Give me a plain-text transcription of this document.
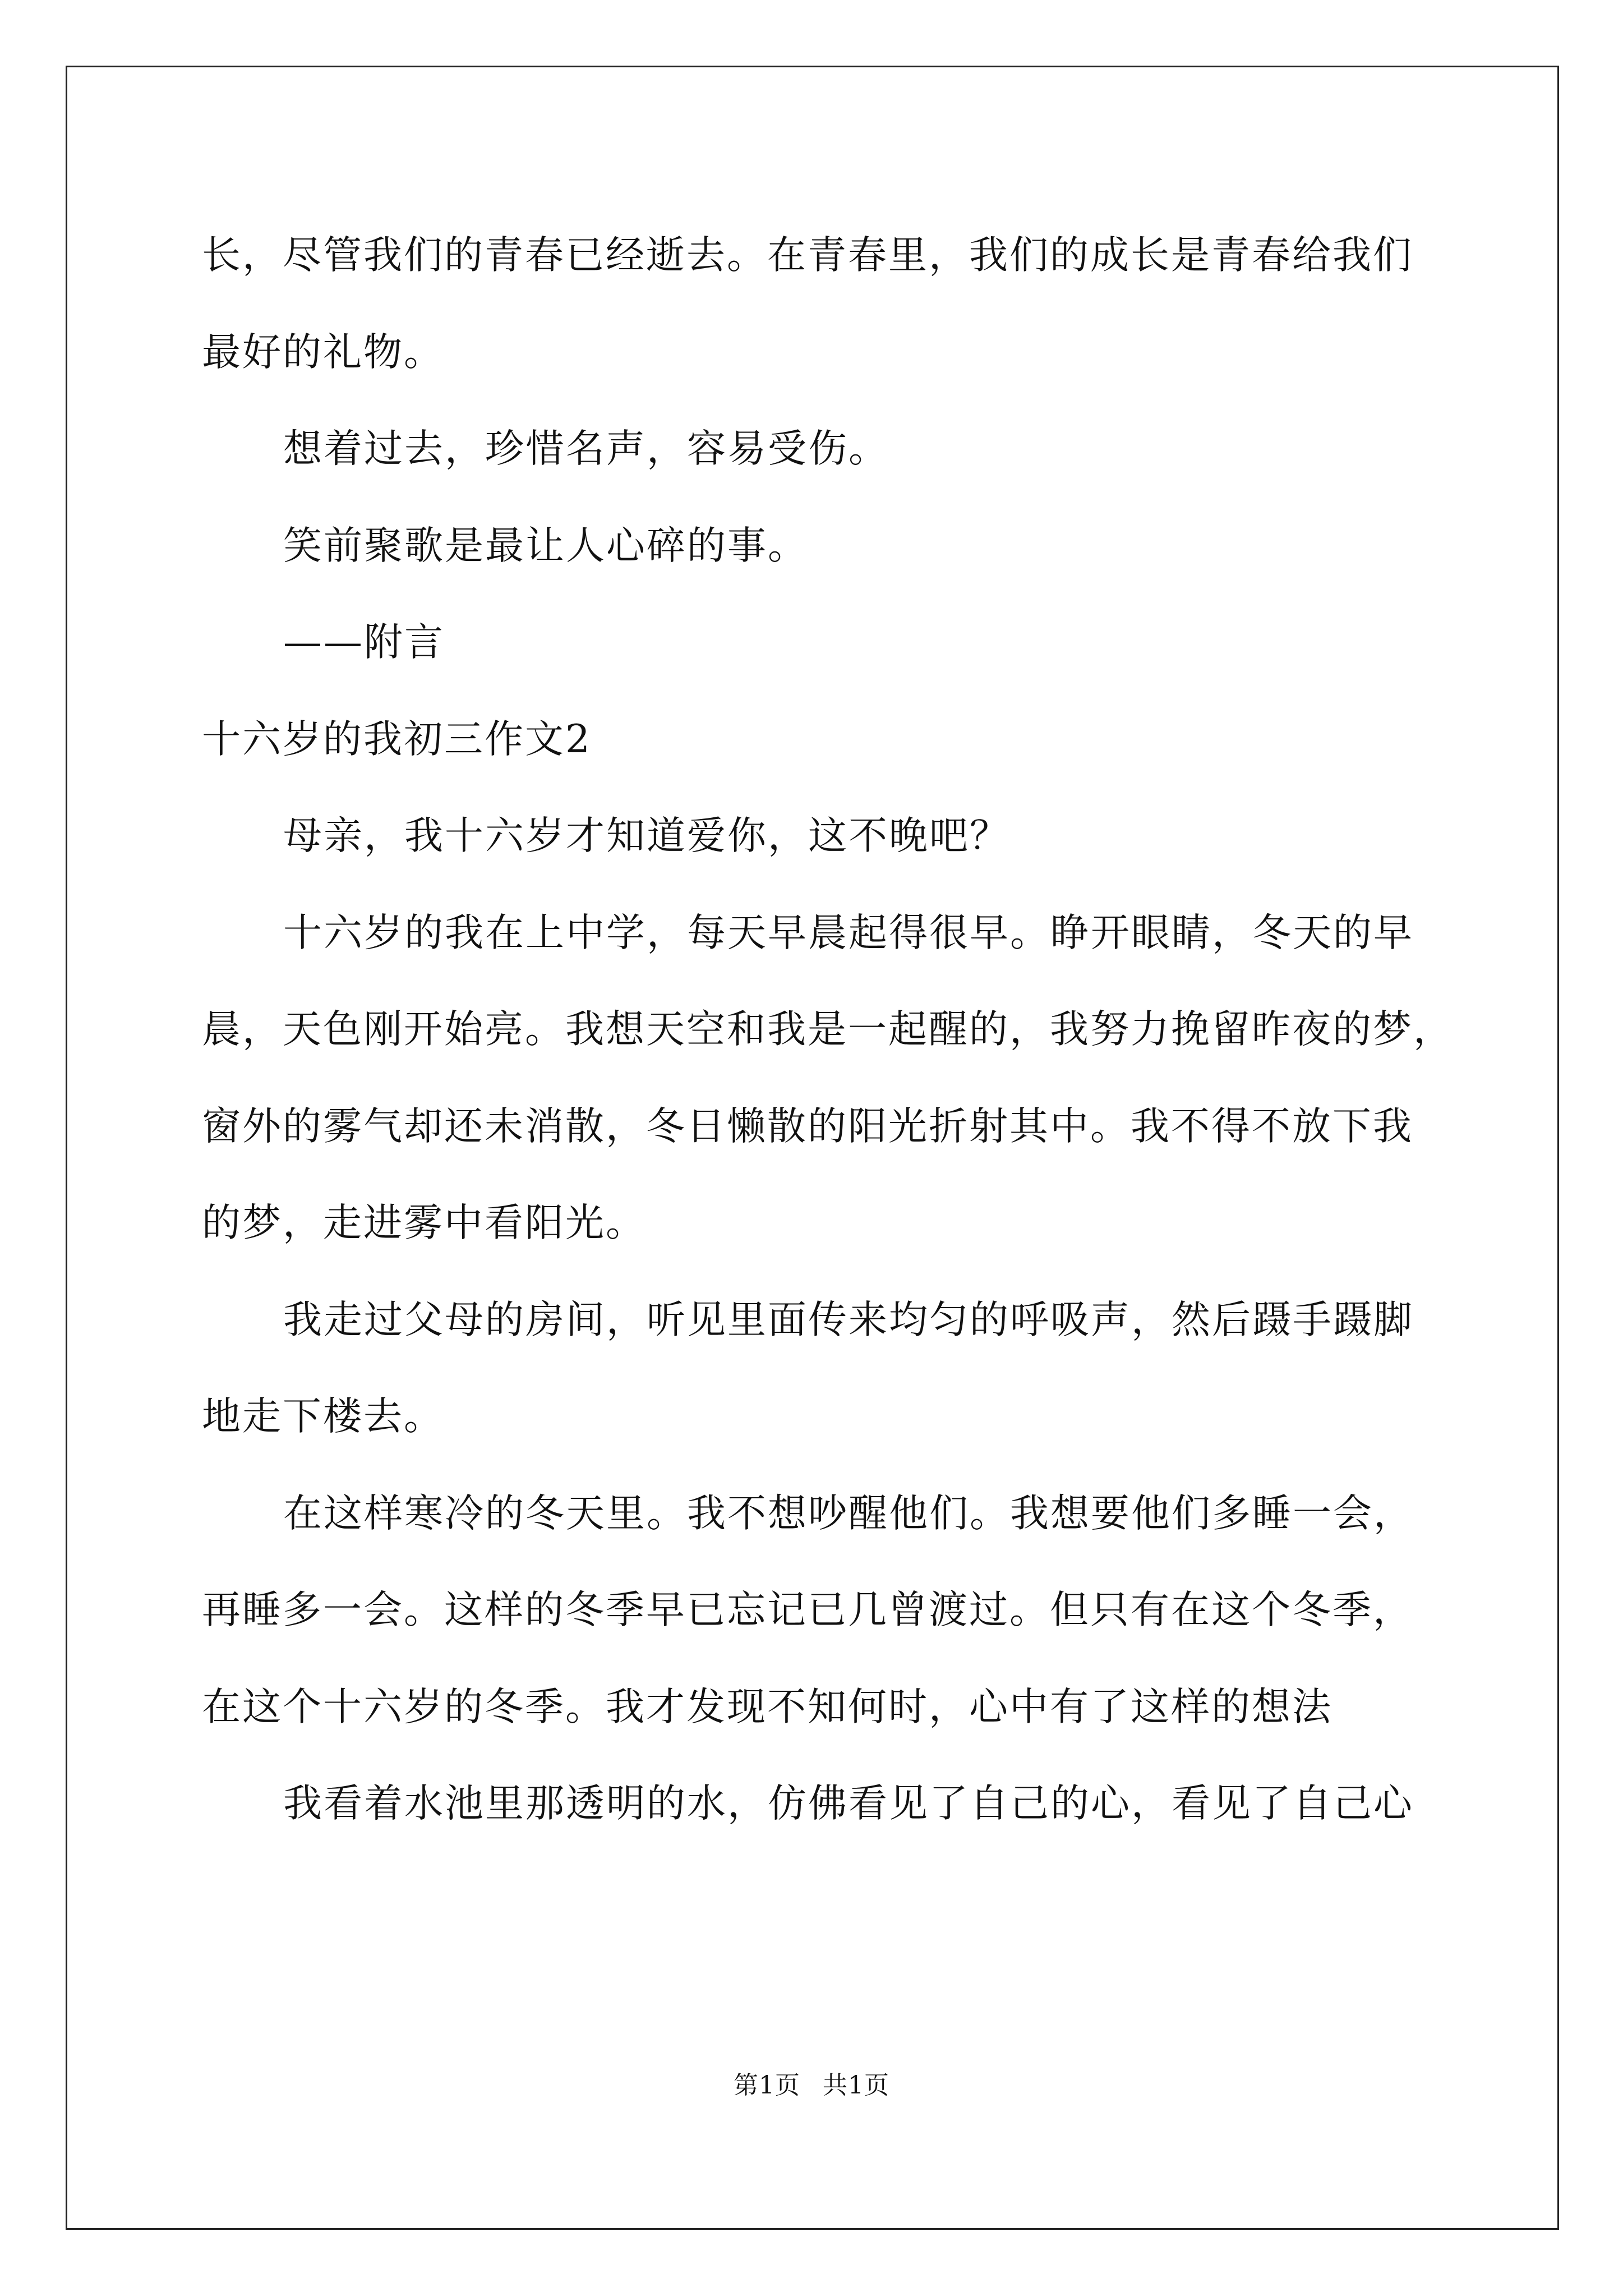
长，尽管我们的青春已经逝去。在青春里，我们的成长是青春给我们

最好的礼物。

想着过去，珍惜名声，容易受伤。

笑前聚歌是最让人心碎的事。

——附言

十六岁的我初三作文2

母亲，我十六岁才知道爱你，这不晚吧？

十六岁的我在上中学，每天早晨起得很早。睁开眼睛，冬天的早

晨，天色刚开始亮。我想天空和我是一起醒的，我努力挽留昨夜的梦，

窗外的雾气却还未消散，冬日懒散的阳光折射其中。我不得不放下我

的梦，走进雾中看阳光。

我走过父母的房间，听见里面传来均匀的呼吸声，然后蹑手蹑脚

地走下楼去。

在这样寒冷的冬天里。我不想吵醒他们。我想要他们多睡一会，

再睡多一会。这样的冬季早已忘记已几曾渡过。但只有在这个冬季，

在这个十六岁的冬季。我才发现不知何时，心中有了这样的想法

我看着水池里那透明的水，仿佛看见了自己的心，看见了自己心

第1页 共1页
